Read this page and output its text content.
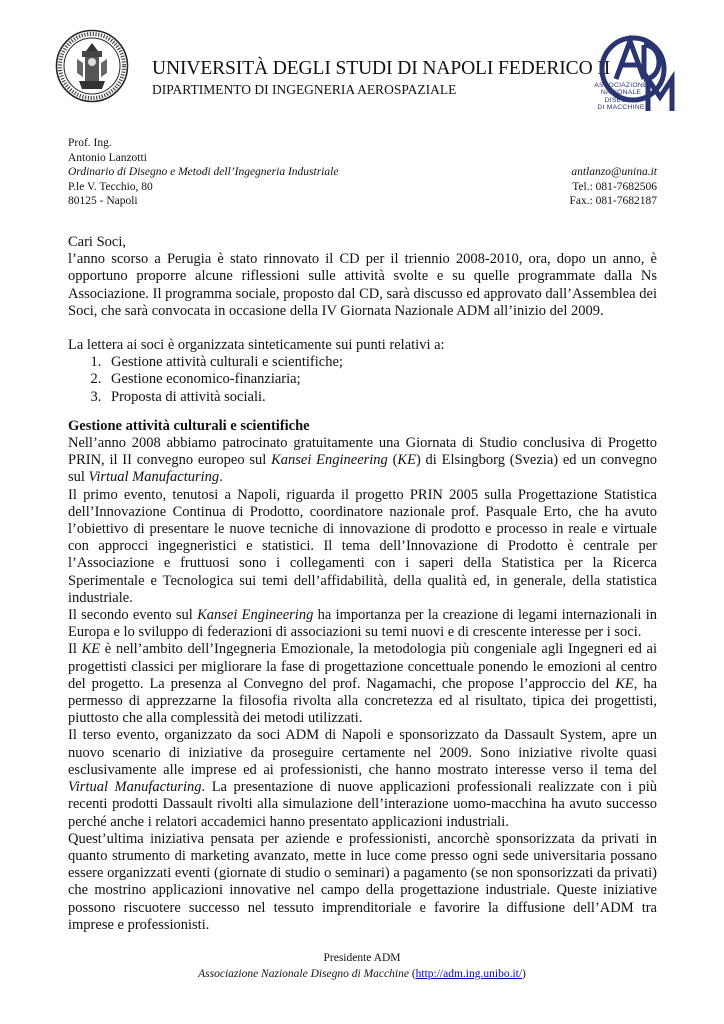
UNIVERSITÀ DEGLI STUDI DI NAPOLI FEDERICO II
DIPARTIMENTO DI INGEGNERIA AEROSPAZIALE	ASSOCIAZIONE
NAZIONALE
DISEGNO
DI MACCHINE
Prof. Ing.
Antonio Lanzotti
Ordinario di Disegno e Metodi dell’Ingegneria Industriale	antlanzo@unina.it
P.le V. Tecchio, 80	Tel.: 081-7682506
80125 - Napoli	Fax.: 081-7682187

Cari Soci,

l’anno scorso a Perugia è stato rinnovato il CD per il triennio 2008-2010, ora, dopo un anno, è opportuno proporre alcune riflessioni sulle attività svolte e su quelle programmate dalla Ns Associazione. Il programma sociale, proposto dal CD, sarà discusso ed approvato dall’Assemblea dei Soci, che sarà convocata in occasione della IV Giornata Nazionale ADM all’inizio del 2009.

La lettera ai soci è organizzata sinteticamente sui punti relativi a:

1. Gestione attività culturali e scientifiche;
2. Gestione economico-finanziaria;
3. Proposta di attività sociali.
Gestione attività culturali e scientifiche

Nell’anno 2008 abbiamo patrocinato gratuitamente una Giornata di Studio conclusiva di Progetto PRIN, il II convegno europeo sul Kansei Engineering (KE) di Elsingborg (Svezia) ed un convegno sul Virtual Manufacturing.

Il primo evento, tenutosi a Napoli, riguarda il progetto PRIN 2005 sulla Progettazione Statistica dell’Innovazione Continua di Prodotto, coordinatore nazionale prof. Pasquale Erto, che ha avuto l’obiettivo di presentare le nuove tecniche di innovazione di prodotto e processo in reale e virtuale con approcci ingegneristici e statistici. Il tema dell’Innovazione di Prodotto è centrale per l’Associazione e fruttuosi sono i collegamenti con i saperi della Statistica per la Ricerca Sperimentale e Tecnologica sui temi dell’affidabilità, della qualità ed, in generale, della statistica industriale.

Il secondo evento sul Kansei Engineering ha importanza per la creazione di legami internazionali in Europa e lo sviluppo di federazioni di associazioni su temi nuovi e di crescente interesse per i soci.

Il KE è nell’ambito dell’Ingegneria Emozionale, la metodologia più congeniale agli Ingegneri ed ai progettisti classici per migliorare la fase di progettazione concettuale ponendo le emozioni al centro del progetto. La presenza al Convegno del prof. Nagamachi, che propose l’approccio del KE, ha permesso di apprezzarne la filosofia rivolta alla concretezza ed al risultato, tipica dei progettisti, piuttosto che alla complessità dei metodi utilizzati.

Il terso evento, organizzato da soci ADM di Napoli e sponsorizzato da Dassault System, apre un nuovo scenario di iniziative da proseguire certamente nel 2009. Sono iniziative rivolte quasi esclusivamente alle imprese ed ai professionisti, che hanno mostrato interesse verso il tema del Virtual Manufacturing. La presentazione di nuove applicazioni professionali realizzate con i più recenti prodotti Dassault rivolti alla simulazione dell’interazione uomo-macchina ha avuto successo perché anche i relatori accademici hanno presentato applicazioni industriali.

Quest’ultima iniziativa pensata per aziende e professionisti, ancorchè sponsorizzata da privati in quanto strumento di marketing avanzato, mette in luce come presso ogni sede universitaria possano essere organizzati eventi (giornate di studio o seminari) a pagamento (se non sponsorizzati da privati) che mostrino applicazioni innovative nel campo della progettazione industriale. Queste iniziative possono riscuotere successo nel tessuto imprenditoriale e favorire la diffusione dell’ADM tra imprese e professionisti.

Presidente ADM
Associazione Nazionale Disegno di Macchine (http://adm.ing.unibo.it/)
